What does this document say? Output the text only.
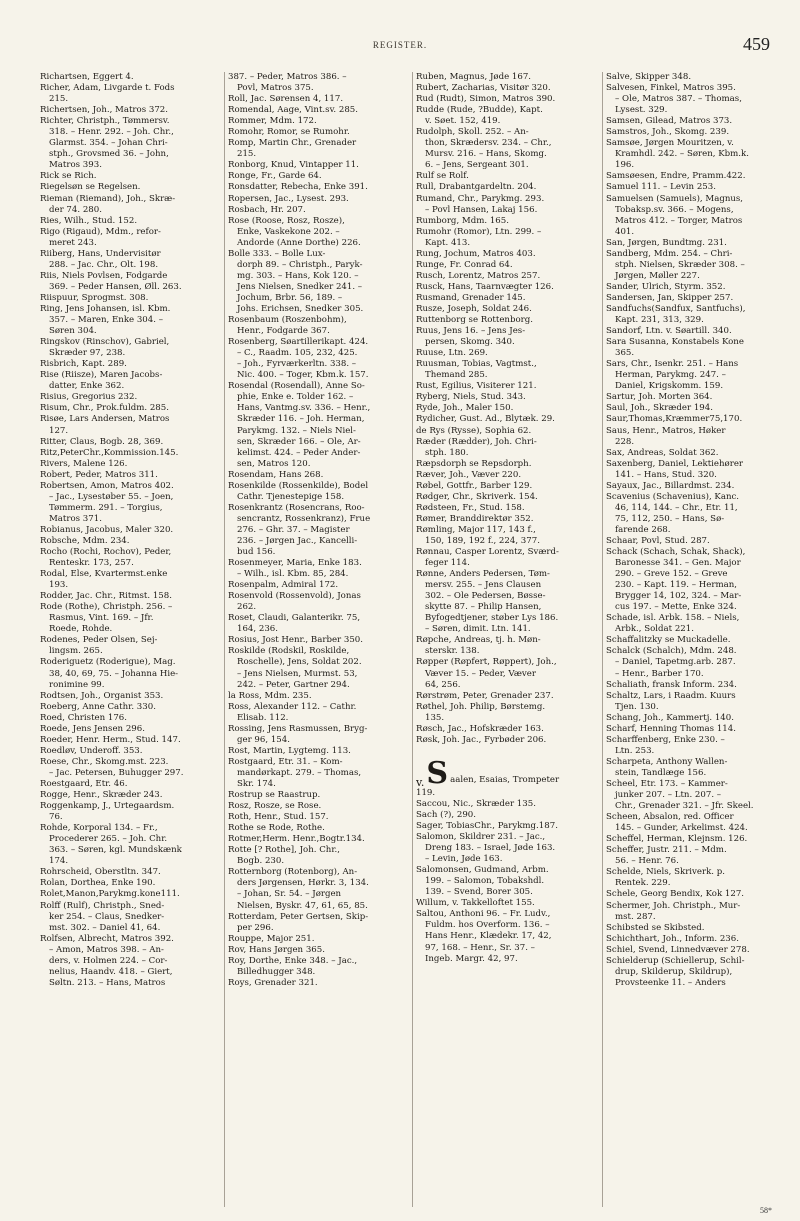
REGISTER.	459
Richartsen, Eggert 4.
Richer, Adam, Livgarde t. Fods
215.
Richertsen, Joh., Matros 372.
Richter, Christph., Tømmersv.
318. – Henr. 292. – Joh. Chr.,
Glarmst. 354. – Johan Chri-
stph., Grovsmed 36. – John,
Matros 393.
Rick se Rich.
Riegelsøn se Regelsen.
Rieman (Riemand), Joh., Skræ-
der 74. 280.
Ries, Wilh., Stud. 152.
Rigo (Rigaud), Mdm., refor-
meret 243.
Riiberg, Hans, Undervisitør
288. – Jac. Chr., Olt. 198.
Riis, Niels Povlsen, Fodgarde
369. – Peder Hansen, Øll. 263.
Riispuur, Sprogmst. 308.
Ring, Jens Johansen, isl. Kbm.
357. – Maren, Enke 304. –
Søren 304.
Ringskov (Rinschov), Gabriel,
Skræder 97, 238.
Risbrich, Kapt. 289.
Rise (Riisze), Maren Jacobs-
datter, Enke 362.
Risius, Gregorius 232.
Risum, Chr., Prok.fuldm. 285.
Risøe, Lars Andersen, Matros
127.
Ritter, Claus, Bogb. 28, 369.
Ritz,PeterChr.,Kommission.145.
Rivers, Malene 126.
Robert, Peder, Matros 311.
Robertsen, Amon, Matros 402.
– Jac., Lysestøber 55. – Joen,
Tømmerm. 291. – Torgius,
Matros 371.
Robianus, Jacobus, Maler 320.
Robsche, Mdm. 234.
Rocho (Rochi, Rochov), Peder,
Renteskr. 173, 257.
Rodal, Else, Kvartermst.enke
193.
Rodder, Jac. Chr., Ritmst. 158.
Rode (Rothe), Christph. 256. –
Rasmus, Vint. 169. – Jfr.
Roede, Rohde.
Rodenes, Peder Olsen, Sej-
lingsm. 265.
Roderiguetz (Roderigue), Mag.
38, 40, 69, 75. – Johanna Hie-
ronimine 99.
Rodtsen, Joh., Organist 353.
Roeberg, Anne Cathr. 330.
Roed, Christen 176.
Roede, Jens Jensen 296.
Roeder, Henr. Herm., Stud. 147.
Roedløv, Underoff. 353.
Roese, Chr., Skomg.mst. 223.
– Jac. Petersen, Buhugger 297.
Roestgaard, Etr. 46.
Rogge, Henr., Skræder 243.
Roggenkamp, J., Urtegaardsm.
76.
Rohde, Korporal 134. – Fr.,
Procederer 265. – Joh. Chr.
363. – Søren, kgl. Mundskænk
174.
Rohrscheid, Oberstltn. 347.
Rolan, Dorthea, Enke 190.
Rolet,Manon,Parykmg.kone111.
Rolff (Rulf), Christph., Sned-
ker 254. – Claus, Snedker-
mst. 302. – Daniel 41, 64.
Rolfsen, Albrecht, Matros 392.
– Amon, Matros 398. – An-
ders, v. Holmen 224. – Cor-
nelius, Haandv. 418. – Giert,
Søltn. 213. – Hans, Matros
387. – Peder, Matros 386. –
Povl, Matros 375.
Roll, Jac. Sørensen 4, 117.
Romendal, Aage, Vint.sv. 285.
Rommer, Mdm. 172.
Romohr, Romor, se Rumohr.
Romp, Martin Chr., Grenader
215.
Ronborg, Knud, Vintapper 11.
Ronge, Fr., Garde 64.
Ronsdatter, Rebecha, Enke 391.
Ropersen, Jac., Lysest. 293.
Rosbach, Hr. 207.
Rose (Roose, Rosz, Rosze),
Enke, Vaskekone 202. –
Andorde (Anne Dorthe) 226.
Bolle 333. – Bolle Lux-
dorph 89. – Christph., Paryk-
mg. 303. – Hans, Kok 120. –
Jens Nielsen, Snedker 241. –
Jochum, Brbr. 56, 189. –
Johs. Erichsen, Snedker 305.
Rosenbaum (Roszenbohm),
Henr., Fodgarde 367.
Rosenberg, Søartillerikapt. 424.
– C., Raadm. 105, 232, 425.
– Joh., Fyrværkerltn. 338. –
Nic. 400. – Toger, Kbm.k. 157.
Rosendal (Rosendall), Anne So-
phie, Enke e. Tolder 162. –
Hans, Vantmg.sv. 336. – Henr.,
Skræder 116. – Joh. Herman,
Parykmg. 132. – Niels Niel-
sen, Skræder 166. – Ole, Ar-
kelimst. 424. – Peder Ander-
sen, Matros 120.
Rosendam, Hans 268.
Rosenkilde (Rossenkilde), Bodel
Cathr. Tjenestepige 158.
Rosenkrantz (Rosencrans, Roo-
sencrantz, Rossenkranz), Frue
276. – Ghr. 37. – Magister
236. – Jørgen Jac., Kancelli-
bud 156.
Rosenmeyer, Maria, Enke 183.
– Wilh., isl. Kbm. 85, 284.
Rosenpalm, Admiral 172.
Rosenvold (Rossenvold), Jonas
262.
Roset, Claudi, Galanterikr. 75,
164, 236.
Rosius, Jost Henr., Barber 350.
Roskilde (Rodskil, Roskilde,
Roschelle), Jens, Soldat 202.
– Jens Nielsen, Murmst. 53,
242. – Peter, Gartner 294.
la Ross, Mdm. 235.
Ross, Alexander 112. – Cathr.
Elisab. 112.
Rossing, Jens Rasmussen, Bryg-
ger 96, 154.
Rost, Martin, Lygtemg. 113.
Rostgaard, Etr. 31. – Kom-
mandørkapt. 279. – Thomas,
Skr. 174.
Rostrup se Raastrup.
Rosz, Rosze, se Rose.
Roth, Henr., Stud. 157.
Rothe se Rode, Rothe.
Rotmer,Herm. Henr.,Bogtr.134.
Rotte [? Rothe], Joh. Chr.,
Bogb. 230.
Rotternborg (Rotenborg), An-
ders Jørgensen, Hørkr. 3, 134.
– Johan, Sr. 54. – Jørgen
Nielsen, Byskr. 47, 61, 65, 85.
Rotterdam, Peter Gertsen, Skip-
per 296.
Rouppe, Major 251.
Rov, Hans Jørgen 365.
Roy, Dorthe, Enke 348. – Jac.,
Billedhugger 348.
Roys, Grenader 321.
Ruben, Magnus, Jøde 167.
Rubert, Zacharias, Visitør 320.
Rud (Rudt), Simon, Matros 390.
Rudde (Rude, ?Budde), Kapt.
v. Søet. 152, 419.
Rudolph, Skoll. 252. – An-
thon, Skrædersv. 234. – Chr.,
Mursv. 216. – Hans, Skomg.
6. – Jens, Sergeant 301.
Rulf se Rolf.
Rull, Drabantgardeltn. 204.
Rumand, Chr., Parykmg. 293.
– Povl Hansen, Lakaj 156.
Rumborg, Mdm. 165.
Rumohr (Romor), Ltn. 299. –
Kapt. 413.
Rung, Jochum, Matros 403.
Runge, Fr. Conrad 64.
Rusch, Lorentz, Matros 257.
Rusck, Hans, Taarnvægter 126.
Rusmand, Grenader 145.
Rusze, Joseph, Soldat 246.
Ruttenborg se Rottenborg.
Ruus, Jens 16. – Jens Jes-
persen, Skomg. 340.
Ruuse, Ltn. 269.
Ruusman, Tobias, Vagtmst.,
Themand 285.
Rust, Egilius, Visiterer 121.
Ryberg, Niels, Stud. 343.
Ryde, Joh., Maler 150.
Rydicher, Gust. Ad., Blytæk. 29.
de Rys (Rysse), Sophia 62.
Ræder (Rædder), Joh. Chri-
stph. 180.
Ræpsdorph se Repsdorph.
Ræver, Joh., Væver 220.
Røbel, Gottfr., Barber 129.
Rødger, Chr., Skriverk. 154.
Rødsteen, Fr., Stud. 158.
Rømer, Branddirektør 352.
Rømling, Major 117, 143 f.,
150, 189, 192 f., 224, 377.
Rønnau, Casper Lorentz, Sværd-
feger 114.
Rønne, Anders Pedersen, Tøm-
mersv. 255. – Jens Clausen
302. – Ole Pedersen, Bøsse-
skytte 87. – Philip Hansen,
Byfogedtjener, støber Lys 186.
– Søren, dimit. Ltn. 141.
Røpche, Andreas, tj. h. Møn-
sterskr. 138.
Røpper (Røpfert, Røppert), Joh.,
Væver 15. – Peder, Væver
64, 256.
Rørstrøm, Peter, Grenader 237.
Røthel, Joh. Philip, Børstemg.
135.
Røsch, Jac., Hofskræder 163.
Røsk, Joh. Jac., Fyrbøder 206.
v. S aalen, Esaias, Trompeter
119.
Saccou, Nic., Skræder 135.
Sach (?), 290.
Sager, TobiasChr., Parykmg.187.
Salomon, Skildrer 231. – Jac.,
Dreng 183. – Israel, Jøde 163.
– Levin, Jøde 163.
Salomonsen, Gudmand, Arbm.
199. – Salomon, Tobakshdl.
139. – Svend, Borer 305.
Willum, v. Takkelloftet 155.
Saltou, Anthoni 96. – Fr. Ludv.,
Fuldm. hos Overform. 136. –
Hans Henr., Klædekr. 17, 42,
97, 168. – Henr., Sr. 37. –
Ingeb. Margr. 42, 97.
Salve, Skipper 348.
Salvesen, Finkel, Matros 395.
– Ole, Matros 387. – Thomas,
Lysest. 329.
Samsen, Gilead, Matros 373.
Samstros, Joh., Skomg. 239.
Samsøe, Jørgen Mouritzen, v.
Kramhdl. 242. – Søren, Kbm.k.
196.
Samsøesen, Endre, Pramm.422.
Samuel 111. – Levin 253.
Samuelsen (Samuels), Magnus,
Tobaksp.sv. 366. – Mogens,
Matros 412. – Torger, Matros
401.
San, Jørgen, Bundtmg. 231.
Sandberg, Mdm. 254. – Chri-
stph. Nielsen, Skræder 308. –
Jørgen, Møller 227.
Sander, Ulrich, Styrm. 352.
Sandersen, Jan, Skipper 257.
Sandfuchs(Sandfux, Santfuchs),
Kapt. 231, 313, 329.
Sandorf, Ltn. v. Søartill. 340.
Sara Susanna, Konstabels Kone
365.
Sars, Chr., Isenkr. 251. – Hans
Herman, Parykmg. 247. –
Daniel, Krigskomm. 159.
Sartur, Joh. Morten 364.
Saul, Joh., Skræder 194.
Saur,Thomas,Kræmmer75,170.
Saus, Henr., Matros, Høker
228.
Sax, Andreas, Soldat 362.
Saxenberg, Daniel, Lektiehører
141. – Hans, Stud. 320.
Sayaux, Jac., Billardmst. 234.
Scavenius (Schavenius), Kanc.
46, 114, 144. – Chr., Etr. 11,
75, 112, 250. – Hans, Sø-
farende 268.
Schaar, Povl, Stud. 287.
Schack (Schach, Schak, Shack),
Baronesse 341. – Gen. Major
290. – Greve 152. – Greve
230. – Kapt. 119. – Herman,
Brygger 14, 102, 324. – Mar-
cus 197. – Mette, Enke 324.
Schade, isl. Arbk. 158. – Niels,
Arbk., Soldat 221.
Schaffalitzky se Muckadelle.
Schalck (Schalch), Mdm. 248.
– Daniel, Tapetmg.arb. 287.
– Henr., Barber 170.
Schaliath, fransk Inform. 234.
Schaltz, Lars, i Raadm. Kuurs
Tjen. 130.
Schang, Joh., Kammertj. 140.
Scharf, Henning Thomas 114.
Scharffenberg, Enke 230. –
Ltn. 253.
Scharpeta, Anthony Wallen-
stein, Tandlæge 156.
Scheel, Etr. 173. – Kammer-
junker 207. – Ltn. 207. –
Chr., Grenader 321. – Jfr. Skeel.
Scheen, Absalon, red. Officer
145. – Gunder, Arkelimst. 424.
Scheffel, Herman, Klejnsm. 126.
Scheffer, Justr. 211. – Mdm.
56. – Henr. 76.
Schelde, Niels, Skriverk. p.
Rentek. 229.
Schele, Georg Bendix, Kok 127.
Schermer, Joh. Christph., Mur-
mst. 287.
Schibsted se Skibsted.
Schichthart, Joh., Inform. 236.
Schiel, Svend, Linnedvæver 278.
Schielderup (Schiellerup, Schil-
drup, Skilderup, Skildrup),
Provsteenke 11. – Anders
58*
